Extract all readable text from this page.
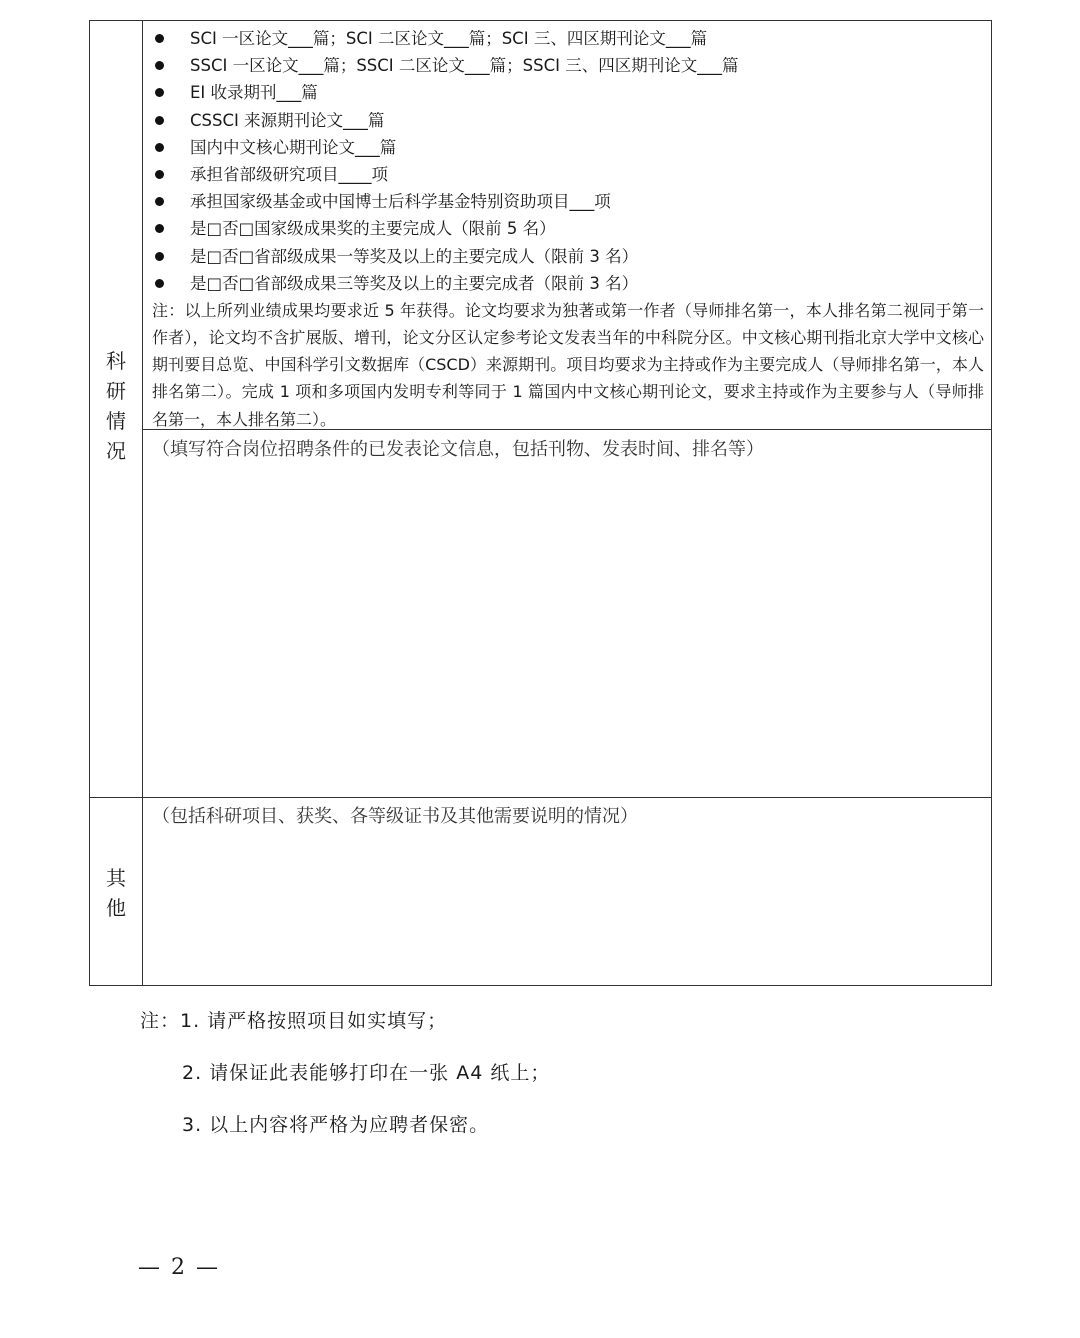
科
研
情
况
SCI 一区论文___篇；SCI 二区论文___篇；SCI 三、四区期刊论文___篇
SSCI 一区论文___篇；SSCI 二区论文___篇；SSCI 三、四区期刊论文___篇
EI 收录期刊___篇
CSSCI 来源期刊论文___篇
国内中文核心期刊论文___篇
承担省部级研究项目____项
承担国家级基金或中国博士后科学基金特别资助项目___项
是□否□国家级成果奖的主要完成人（限前 5 名）
是□否□省部级成果一等奖及以上的主要完成人（限前 3 名）
是□否□省部级成果三等奖及以上的主要完成者（限前 3 名）
注：以上所列业绩成果均要求近 5 年获得。论文均要求为独著或第一作者（导师排名第一，本人排名第二视同于第一作者），论文均不含扩展版、增刊，论文分区认定参考论文发表当年的中科院分区。中文核心期刊指北京大学中文核心期刊要目总览、中国科学引文数据库（CSCD）来源期刊。项目均要求为主持或作为主要完成人（导师排名第一，本人排名第二）。完成 1 项和多项国内发明专利等同于 1 篇国内中文核心期刊论文，要求主持或作为主要参与人（导师排名第一，本人排名第二）。
（填写符合岗位招聘条件的已发表论文信息，包括刊物、发表时间、排名等）
其
他
（包括科研项目、获奖、各等级证书及其他需要说明的情况）
注：1. 请严格按照项目如实填写；
2. 请保证此表能够打印在一张 A4 纸上；
3. 以上内容将严格为应聘者保密。
— 2 —
